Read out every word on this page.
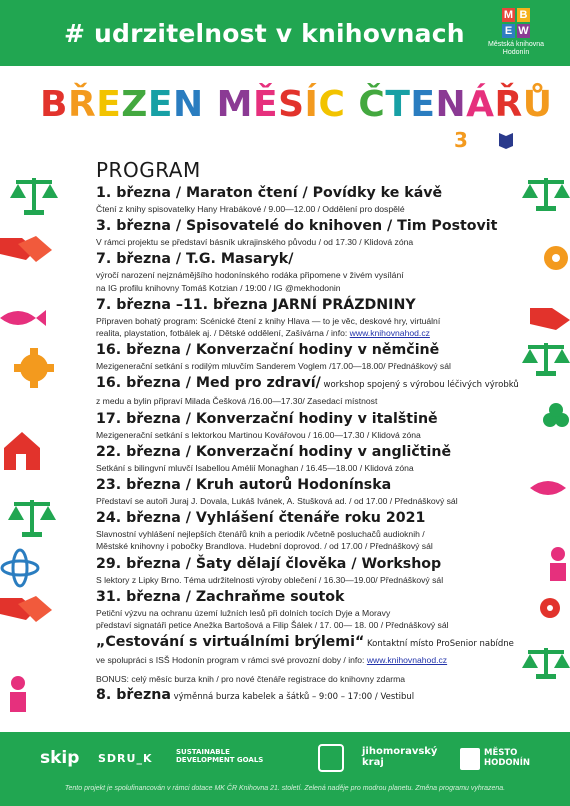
# udrzitelnost v knihovnach
M B
E W
Městská knihovna
Hodonín
BŘEZEN MĚSÍC ČTENÁŘŮ
3
PROGRAM
1. března / Maraton čtení / Povídky ke kávě
Čtení z knihy spisovatelky Hany Hrabákové / 9.00—12.00 / Oddělení pro dospělé
3. března / Spisovatelé do knihoven / Tim Postovit
V rámci projektu se představí básník ukrajinského původu / od 17.30 / Klidová zóna
7. března / T.G. Masaryk/
výročí narození nejznámějšího hodonínského rodáka připomene v živém vysílání
na IG profilu knihovny Tomáš Kotzian / 19:00 / IG @mekhodonin
7. března –11. března JARNÍ PRÁZDNINY
Připraven bohatý program: Scénické čtení z knihy Hlava — to je věc, deskové hry, virtuální
realita, playstation, fotbálek aj. / Dětské oddělení, Zašívárna / info: www.knihovnahod.cz
16. března / Konverzační hodiny v němčině
Mezigenerační setkání s rodilým mluvčím Sanderem Voglem /17.00—18.00/ Přednáškový sál
16. března / Med pro zdraví/ workshop spojený s výrobou léčivých výrobků
z medu a bylin připraví Milada Češková /16.00—17.30/ Zasedací místnost
17. března / Konverzační hodiny v italštině
Mezigenerační setkání s lektorkou Martinou Kovářovou / 16.00—17.30 / Klidová zóna
22. března / Konverzační hodiny v angličtině
Setkání s bilingvní mluvčí Isabellou Amélií Monaghan / 16.45—18.00 / Klidová zóna
23. března / Kruh autorů Hodonínska
Představí se autoři Juraj J. Dovala, Lukáš Ivánek, A. Stušková ad. / od 17.00 / Přednáškový sál
24. března / Vyhlášení čtenáře roku 2021
Slavnostní vyhlášení nejlepších čtenářů knih a periodik /včetně posluchačů audioknih /
Městské knihovny i pobočky Brandlova. Hudební doprovod. / od 17.00 / Přednáškový sál
29. března / Šaty dělají člověka / Workshop
S lektory z Lipky Brno. Téma udržitelnosti výroby oblečení / 16.30—19.00/ Přednáškový sál
31. března / Zachraňme soutok
Petiční výzvu na ochranu území lužních lesů při dolních tocích Dyje a Moravy
představí signatáři petice Anežka Bartošová a Filip Šálek / 17. 00— 18. 00 / Přednáškový sál
„Cestování s virtuálními brýlemi“ Kontaktní místo ProSenior nabídne
ve spolupráci s ISŠ Hodonín program v rámci své provozní doby / info: www.knihovnahod.cz
BONUS: celý měsíc burza knih / pro nové čtenáře registrace do knihovny zdarma
8. března výměnná burza kabelek a šátků – 9:00 – 17:00 / Vestibul
skip SDRU_K	SUSTAINABLE DEVELOPMENT GOALS
jihomoravský kraj
MĚSTO HODONÍN
Tento projekt je spolufinancován v rámci dotace MK ČR Knihovna 21. století. Zelená naděje pro modrou planetu. Změna programu vyhrazena.
